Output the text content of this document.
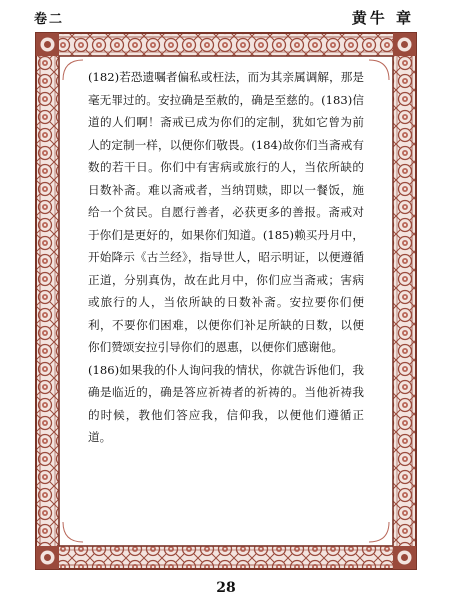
卷二	黄牛 章

(182)若恐遗嘱者偏私或枉法，而为其亲属调解，那是毫无罪过的。安拉确是至赦的，确是至慈的。(183)信道的人们啊！斋戒已成为你们的定制，犹如它曾为前人的定制一样，以便你们敬畏。(184)故你们当斋戒有数的若干日。你们中有害病或旅行的人，当依所缺的日数补斋。难以斋戒者，当纳罚赎，即以一餐饭，施给一个贫民。自愿行善者，必获更多的善报。斋戒对于你们是更好的，如果你们知道。(185)赖买丹月中，开始降示《古兰经》，指导世人，昭示明证，以便遵循正道，分别真伪，故在此月中，你们应当斋戒；害病或旅行的人，当依所缺的日数补斋。安拉要你们便利，不要你们困难，以便你们补足所缺的日数，以便你们赞颂安拉引导你们的恩惠，以便你们感谢他。

(186)如果我的仆人询问我的情状，你就告诉他们，我确是临近的，确是答应祈祷者的祈祷的。当他祈祷我的时候，教他们答应我，信仰我，以便他们遵循正道。

28
